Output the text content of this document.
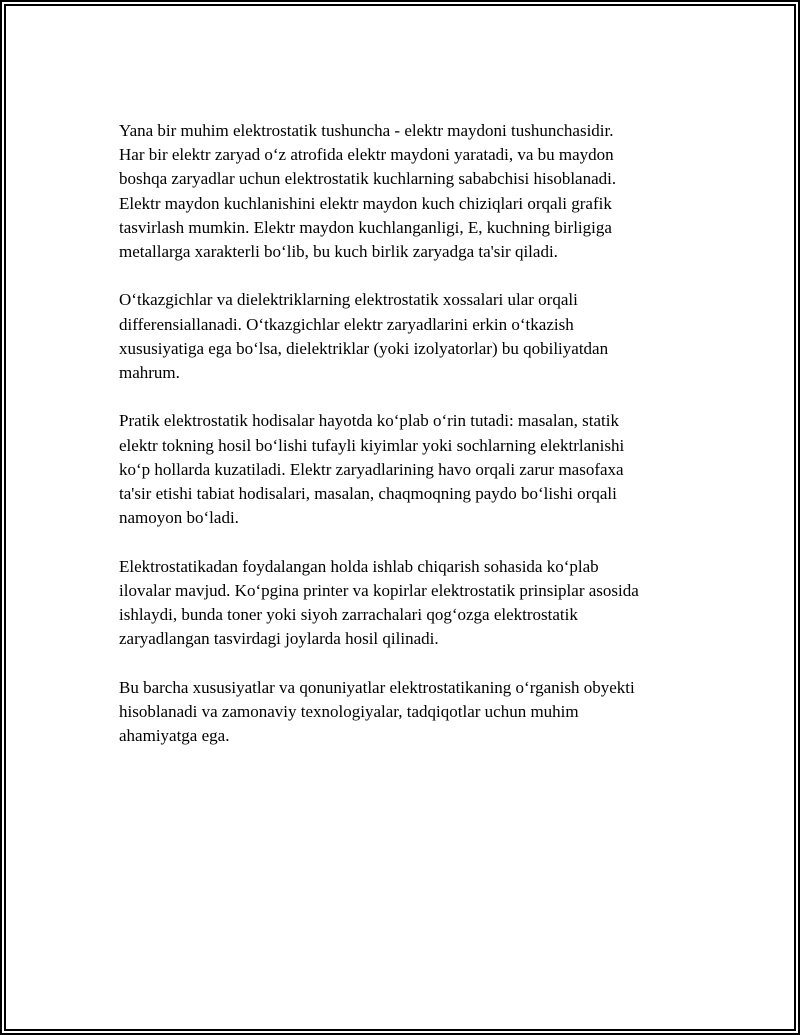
Yana bir muhim elektrostatik tushuncha - elektr maydoni tushunchasidir.
Har bir elektr zaryad o‘z atrofida elektr maydoni yaratadi, va bu maydon
boshqa zaryadlar uchun elektrostatik kuchlarning sababchisi hisoblanadi.
Elektr maydon kuchlanishini elektr maydon kuch chiziqlari orqali grafik
tasvirlash mumkin. Elektr maydon kuchlanganligi, E, kuchning birligiga
metallarga xarakterli bo‘lib, bu kuch birlik zaryadga ta'sir qiladi.

O‘tkazgichlar va dielektriklarning elektrostatik xossalari ular orqali
differensiallanadi. O‘tkazgichlar elektr zaryadlarini erkin o‘tkazish
xususiyatiga ega bo‘lsa, dielektriklar (yoki izolyatorlar) bu qobiliyatdan
mahrum.

Pratik elektrostatik hodisalar hayotda ko‘plab o‘rin tutadi: masalan, statik
elektr tokning hosil bo‘lishi tufayli kiyimlar yoki sochlarning elektrlanishi
ko‘p hollarda kuzatiladi. Elektr zaryadlarining havo orqali zarur masofaxa
ta'sir etishi tabiat hodisalari, masalan, chaqmoqning paydo bo‘lishi orqali
namoyon bo‘ladi.

Elektrostatikadan foydalangan holda ishlab chiqarish sohasida ko‘plab
ilovalar mavjud. Ko‘pgina printer va kopirlar elektrostatik prinsiplar asosida
ishlaydi, bunda toner yoki siyoh zarrachalari qog‘ozga elektrostatik
zaryadlangan tasvirdagi joylarda hosil qilinadi.

Bu barcha xususiyatlar va qonuniyatlar elektrostatikaning o‘rganish obyekti
hisoblanadi va zamonaviy texnologiyalar, tadqiqotlar uchun muhim
ahamiyatga ega.
